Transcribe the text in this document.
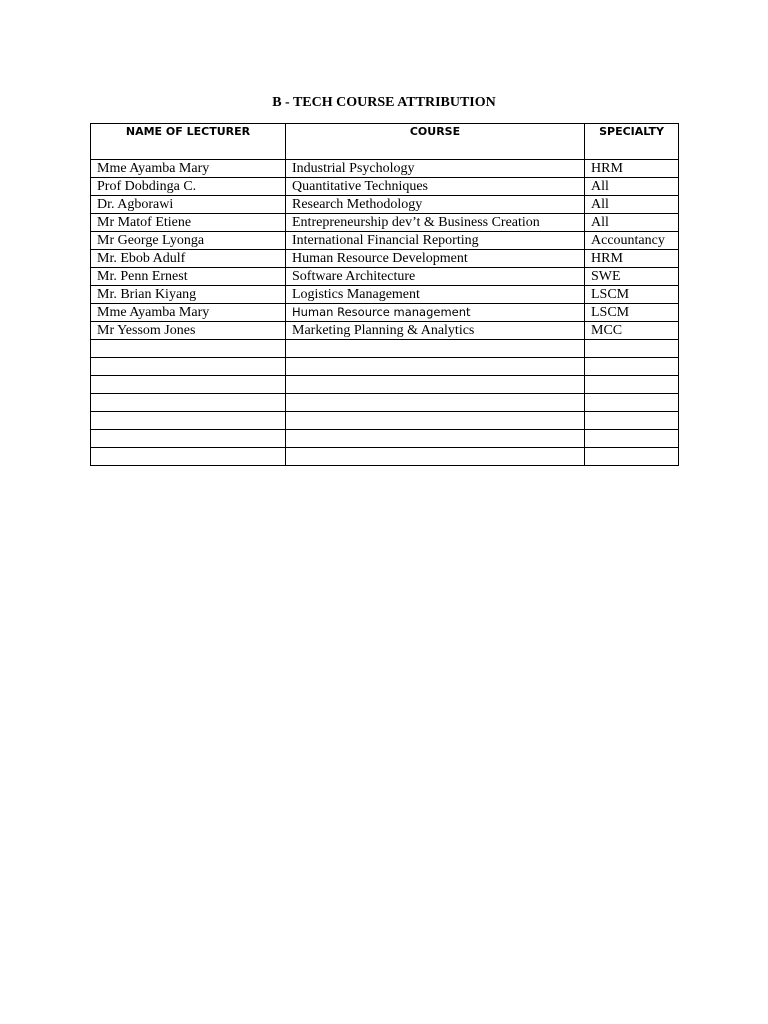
B - TECH COURSE ATTRIBUTION
NAME OF LECTURER	COURSE	SPECIALTY
Mme Ayamba Mary	Industrial Psychology	HRM
Prof Dobdinga C.	Quantitative Techniques	All
Dr. Agborawi	Research Methodology	All
Mr Matof Etiene	Entrepreneurship dev’t & Business Creation	All
Mr George Lyonga	International Financial Reporting	Accountancy
Mr. Ebob Adulf	Human Resource Development	HRM
Mr. Penn Ernest	Software Architecture	SWE
Mr. Brian Kiyang	Logistics Management	LSCM
Mme Ayamba Mary	Human Resource management	LSCM
Mr Yessom Jones	Marketing Planning & Analytics	MCC
